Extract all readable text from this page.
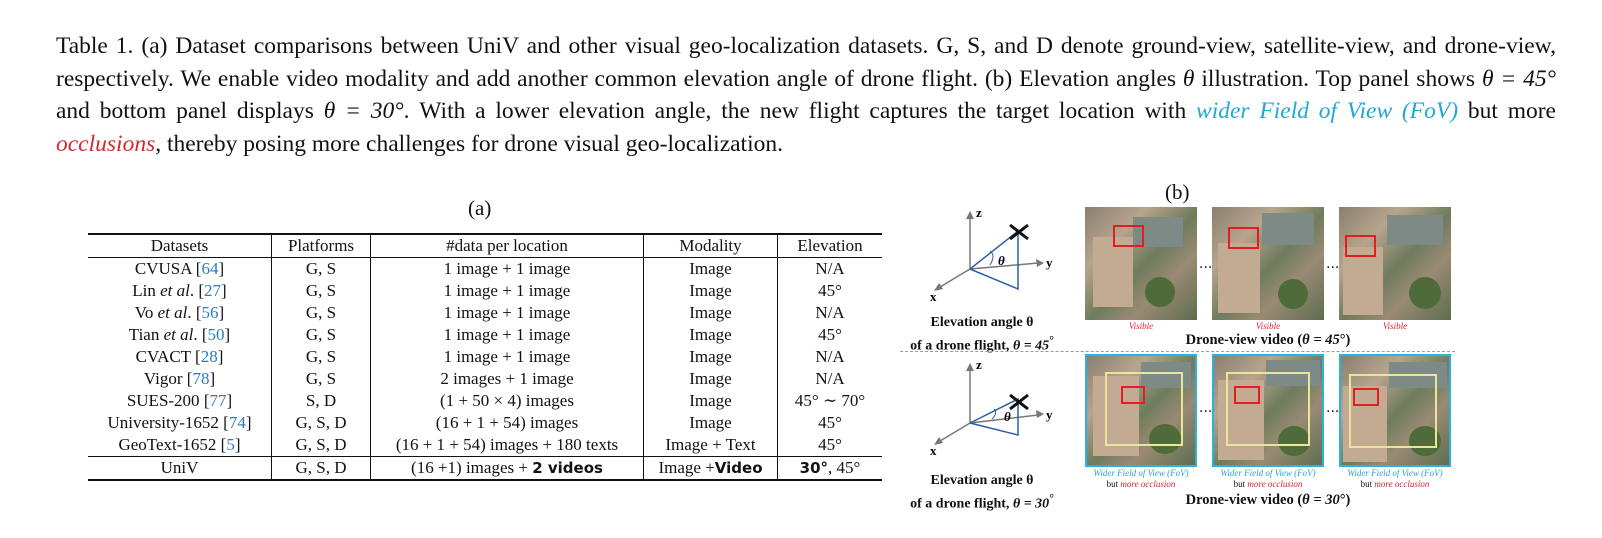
Table 1. (a) Dataset comparisons between UniV and other visual geo-localization datasets. G, S, and D denote ground-view, satellite-view, and drone-view, respectively. We enable video modality and add another common elevation angle of drone flight. (b) Elevation angles θ illustration. Top panel shows θ = 45° and bottom panel displays θ = 30°. With a lower elevation angle, the new flight captures the target location with wider Field of View (FoV) but more occlusions, thereby posing more challenges for drone visual geo-localization.
(a)
Datasets	Platforms	#data per location	Modality	Elevation
CVUSA [64]	G, S	1 image + 1 image	Image	N/A
Lin et al. [27]	G, S	1 image + 1 image	Image	45°
Vo et al. [56]	G, S	1 image + 1 image	Image	N/A
Tian et al. [50]	G, S	1 image + 1 image	Image	45°
CVACT [28]	G, S	1 image + 1 image	Image	N/A
Vigor [78]	G, S	2 images + 1 image	Image	N/A
SUES-200 [77]	S, D	(1 + 50 × 4) images	Image	45° ∼ 70°
University-1652 [74]	G, S, D	(16 + 1 + 54) images	Image	45°
GeoText-1652 [5]	G, S, D	(16 + 1 + 54) images + 180 texts	Image + Text	45°
UniV	G, S, D	(16 +1) images + 2 videos	Image +Video	30°, 45°
(b)
z
y
x
θ
Elevation angle θ
of a drone flight, θ = 45°
...	...
Visible	Visible	Visible
Drone-view video (θ = 45°)
z
y
x
θ
Elevation angle θ
of a drone flight, θ = 30°
...	...
Wider Field of View (FoV)
but more occlusion
Wider Field of View (FoV)
but more occlusion
Wider Field of View (FoV)
but more occlusion
Drone-view video (θ = 30°)
